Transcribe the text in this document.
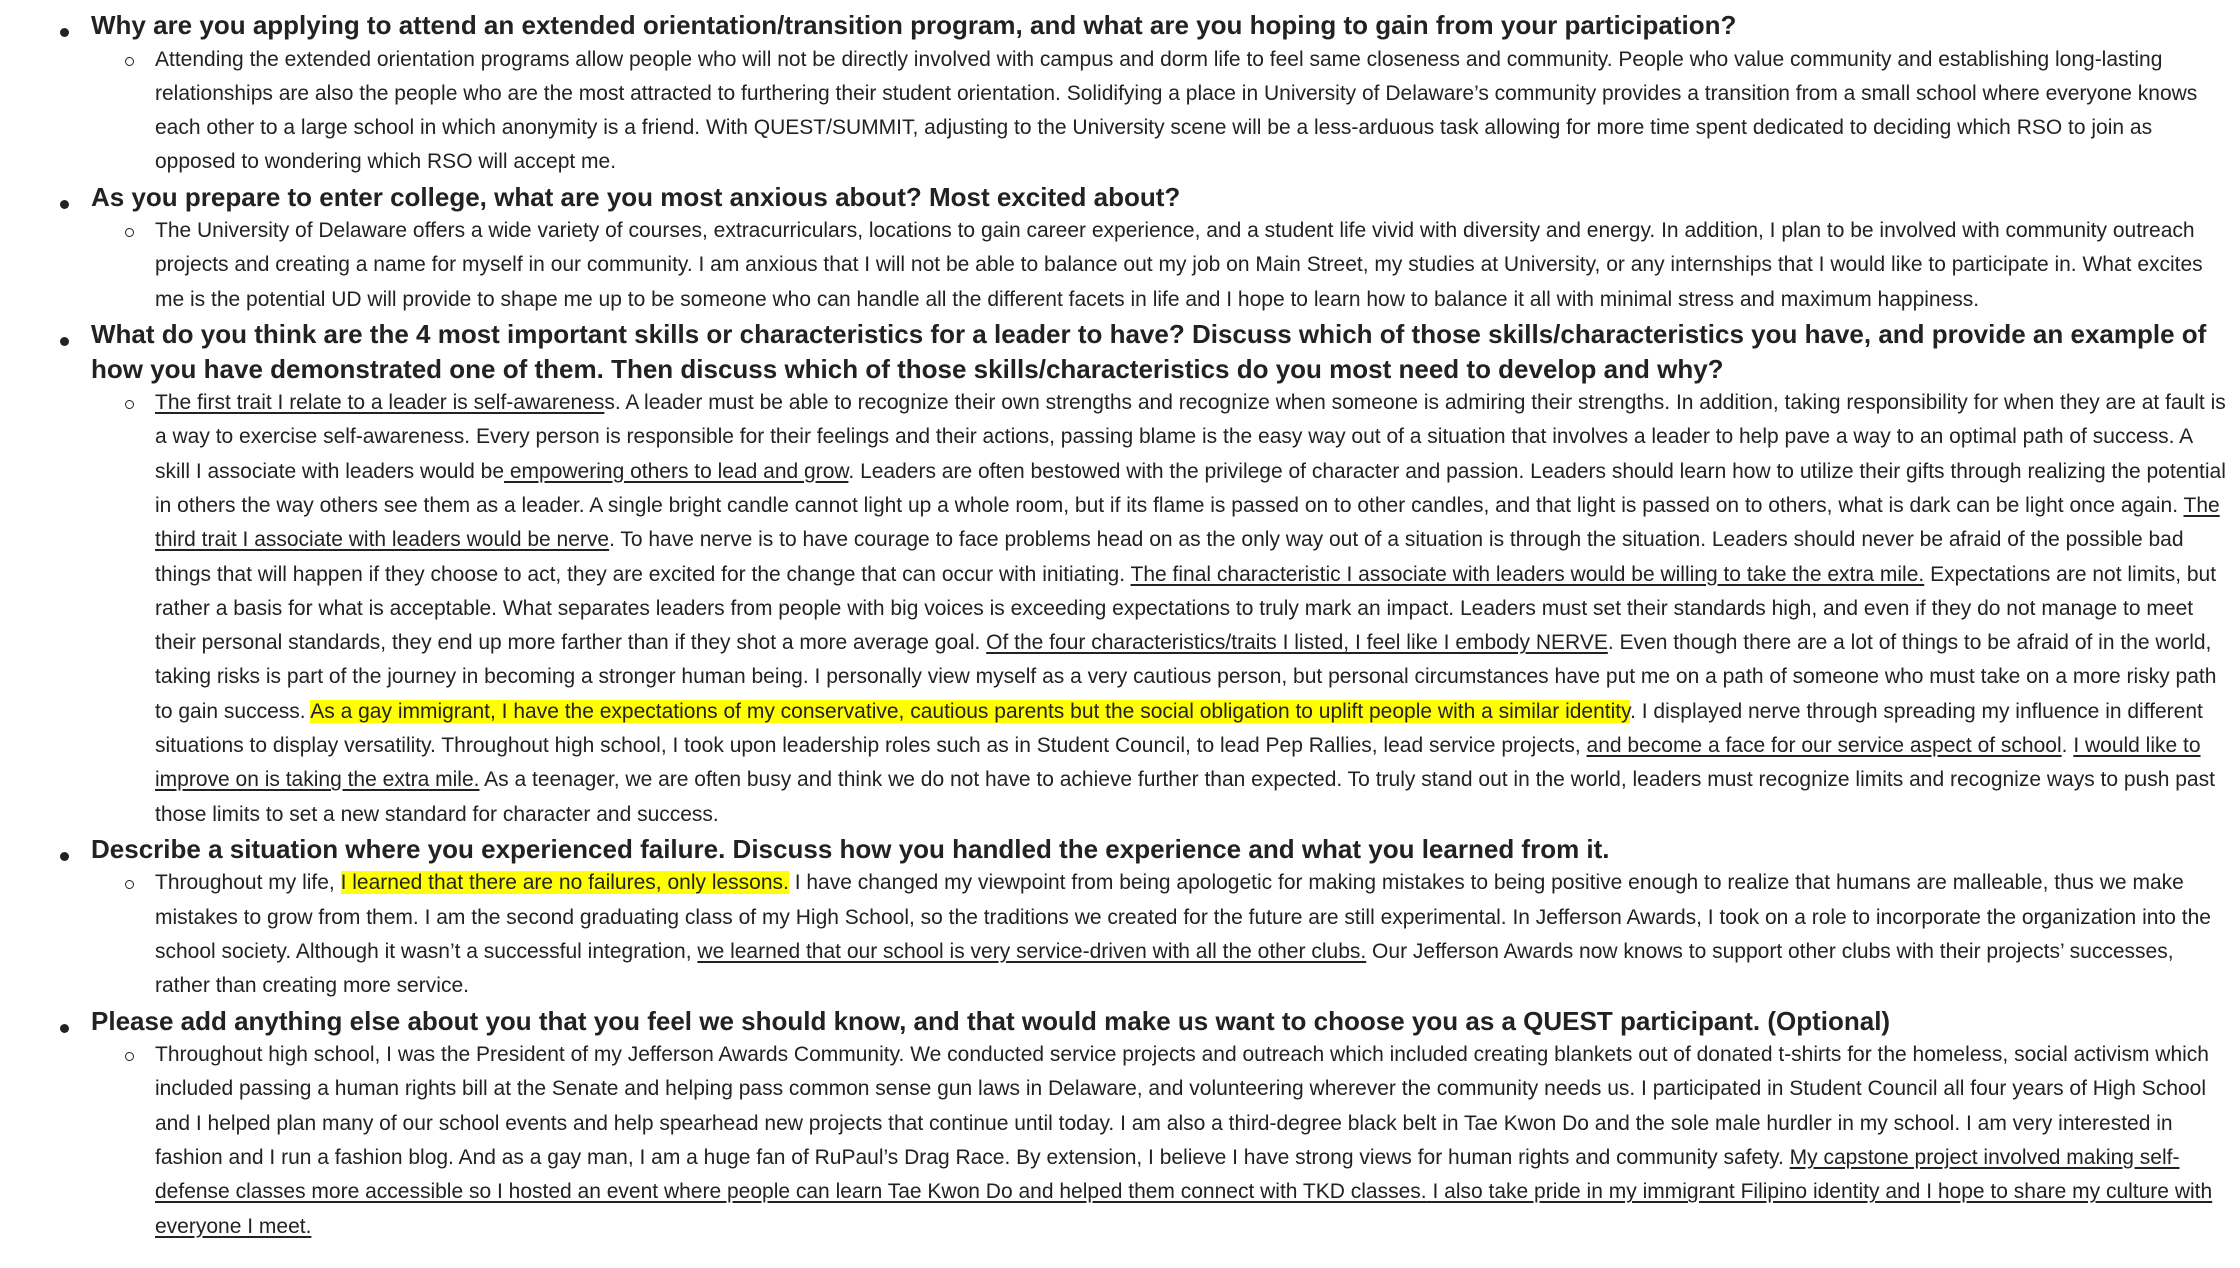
Why are you applying to attend an extended orientation/transition program, and what are you hoping to gain from your participation?
Attending the extended orientation programs allow people who will not be directly involved with campus and dorm life to feel same closeness and community. People who value community and establishing long-lasting relationships are also the people who are the most attracted to furthering their student orientation. Solidifying a place in University of Delaware’s community provides a transition from a small school where everyone knows each other to a large school in which anonymity is a friend. With QUEST/SUMMIT, adjusting to the University scene will be a less-arduous task allowing for more time spent dedicated to deciding which RSO to join as opposed to wondering which RSO will accept me.
As you prepare to enter college, what are you most anxious about? Most excited about?
The University of Delaware offers a wide variety of courses, extracurriculars, locations to gain career experience, and a student life vivid with diversity and energy. In addition, I plan to be involved with community outreach projects and creating a name for myself in our community. I am anxious that I will not be able to balance out my job on Main Street, my studies at University, or any internships that I would like to participate in. What excites me is the potential UD will provide to shape me up to be someone who can handle all the different facets in life and I hope to learn how to balance it all with minimal stress and maximum happiness.
What do you think are the 4 most important skills or characteristics for a leader to have? Discuss which of those skills/characteristics you have, and provide an example of how you have demonstrated one of them. Then discuss which of those skills/characteristics do you most need to develop and why?
The first trait I relate to a leader is self-awareness. A leader must be able to recognize their own strengths and recognize when someone is admiring their strengths. In addition, taking responsibility for when they are at fault is a way to exercise self-awareness. Every person is responsible for their feelings and their actions, passing blame is the easy way out of a situation that involves a leader to help pave a way to an optimal path of success. A skill I associate with leaders would be empowering others to lead and grow. Leaders are often bestowed with the privilege of character and passion. Leaders should learn how to utilize their gifts through realizing the potential in others the way others see them as a leader. A single bright candle cannot light up a whole room, but if its flame is passed on to other candles, and that light is passed on to others, what is dark can be light once again. The third trait I associate with leaders would be nerve. To have nerve is to have courage to face problems head on as the only way out of a situation is through the situation. Leaders should never be afraid of the possible bad things that will happen if they choose to act, they are excited for the change that can occur with initiating. The final characteristic I associate with leaders would be willing to take the extra mile. Expectations are not limits, but rather a basis for what is acceptable. What separates leaders from people with big voices is exceeding expectations to truly mark an impact. Leaders must set their standards high, and even if they do not manage to meet their personal standards, they end up more farther than if they shot a more average goal. Of the four characteristics/traits I listed, I feel like I embody NERVE. Even though there are a lot of things to be afraid of in the world, taking risks is part of the journey in becoming a stronger human being. I personally view myself as a very cautious person, but personal circumstances have put me on a path of someone who must take on a more risky path to gain success. As a gay immigrant, I have the expectations of my conservative, cautious parents but the social obligation to uplift people with a similar identity. I displayed nerve through spreading my influence in different situations to display versatility. Throughout high school, I took upon leadership roles such as in Student Council, to lead Pep Rallies, lead service projects, and become a face for our service aspect of school. I would like to improve on is taking the extra mile. As a teenager, we are often busy and think we do not have to achieve further than expected. To truly stand out in the world, leaders must recognize limits and recognize ways to push past those limits to set a new standard for character and success.
Describe a situation where you experienced failure. Discuss how you handled the experience and what you learned from it.
Throughout my life, I learned that there are no failures, only lessons. I have changed my viewpoint from being apologetic for making mistakes to being positive enough to realize that humans are malleable, thus we make mistakes to grow from them. I am the second graduating class of my High School, so the traditions we created for the future are still experimental. In Jefferson Awards, I took on a role to incorporate the organization into the school society. Although it wasn’t a successful integration, we learned that our school is very service-driven with all the other clubs. Our Jefferson Awards now knows to support other clubs with their projects’ successes, rather than creating more service.
Please add anything else about you that you feel we should know, and that would make us want to choose you as a QUEST participant. (Optional)
Throughout high school, I was the President of my Jefferson Awards Community. We conducted service projects and outreach which included creating blankets out of donated t-shirts for the homeless, social activism which included passing a human rights bill at the Senate and helping pass common sense gun laws in Delaware, and volunteering wherever the community needs us. I participated in Student Council all four years of High School and I helped plan many of our school events and help spearhead new projects that continue until today. I am also a third-degree black belt in Tae Kwon Do and the sole male hurdler in my school. I am very interested in fashion and I run a fashion blog. And as a gay man, I am a huge fan of RuPaul’s Drag Race. By extension, I believe I have strong views for human rights and community safety. My capstone project involved making self-defense classes more accessible so I hosted an event where people can learn Tae Kwon Do and helped them connect with TKD classes. I also take pride in my immigrant Filipino identity and I hope to share my culture with everyone I meet.
